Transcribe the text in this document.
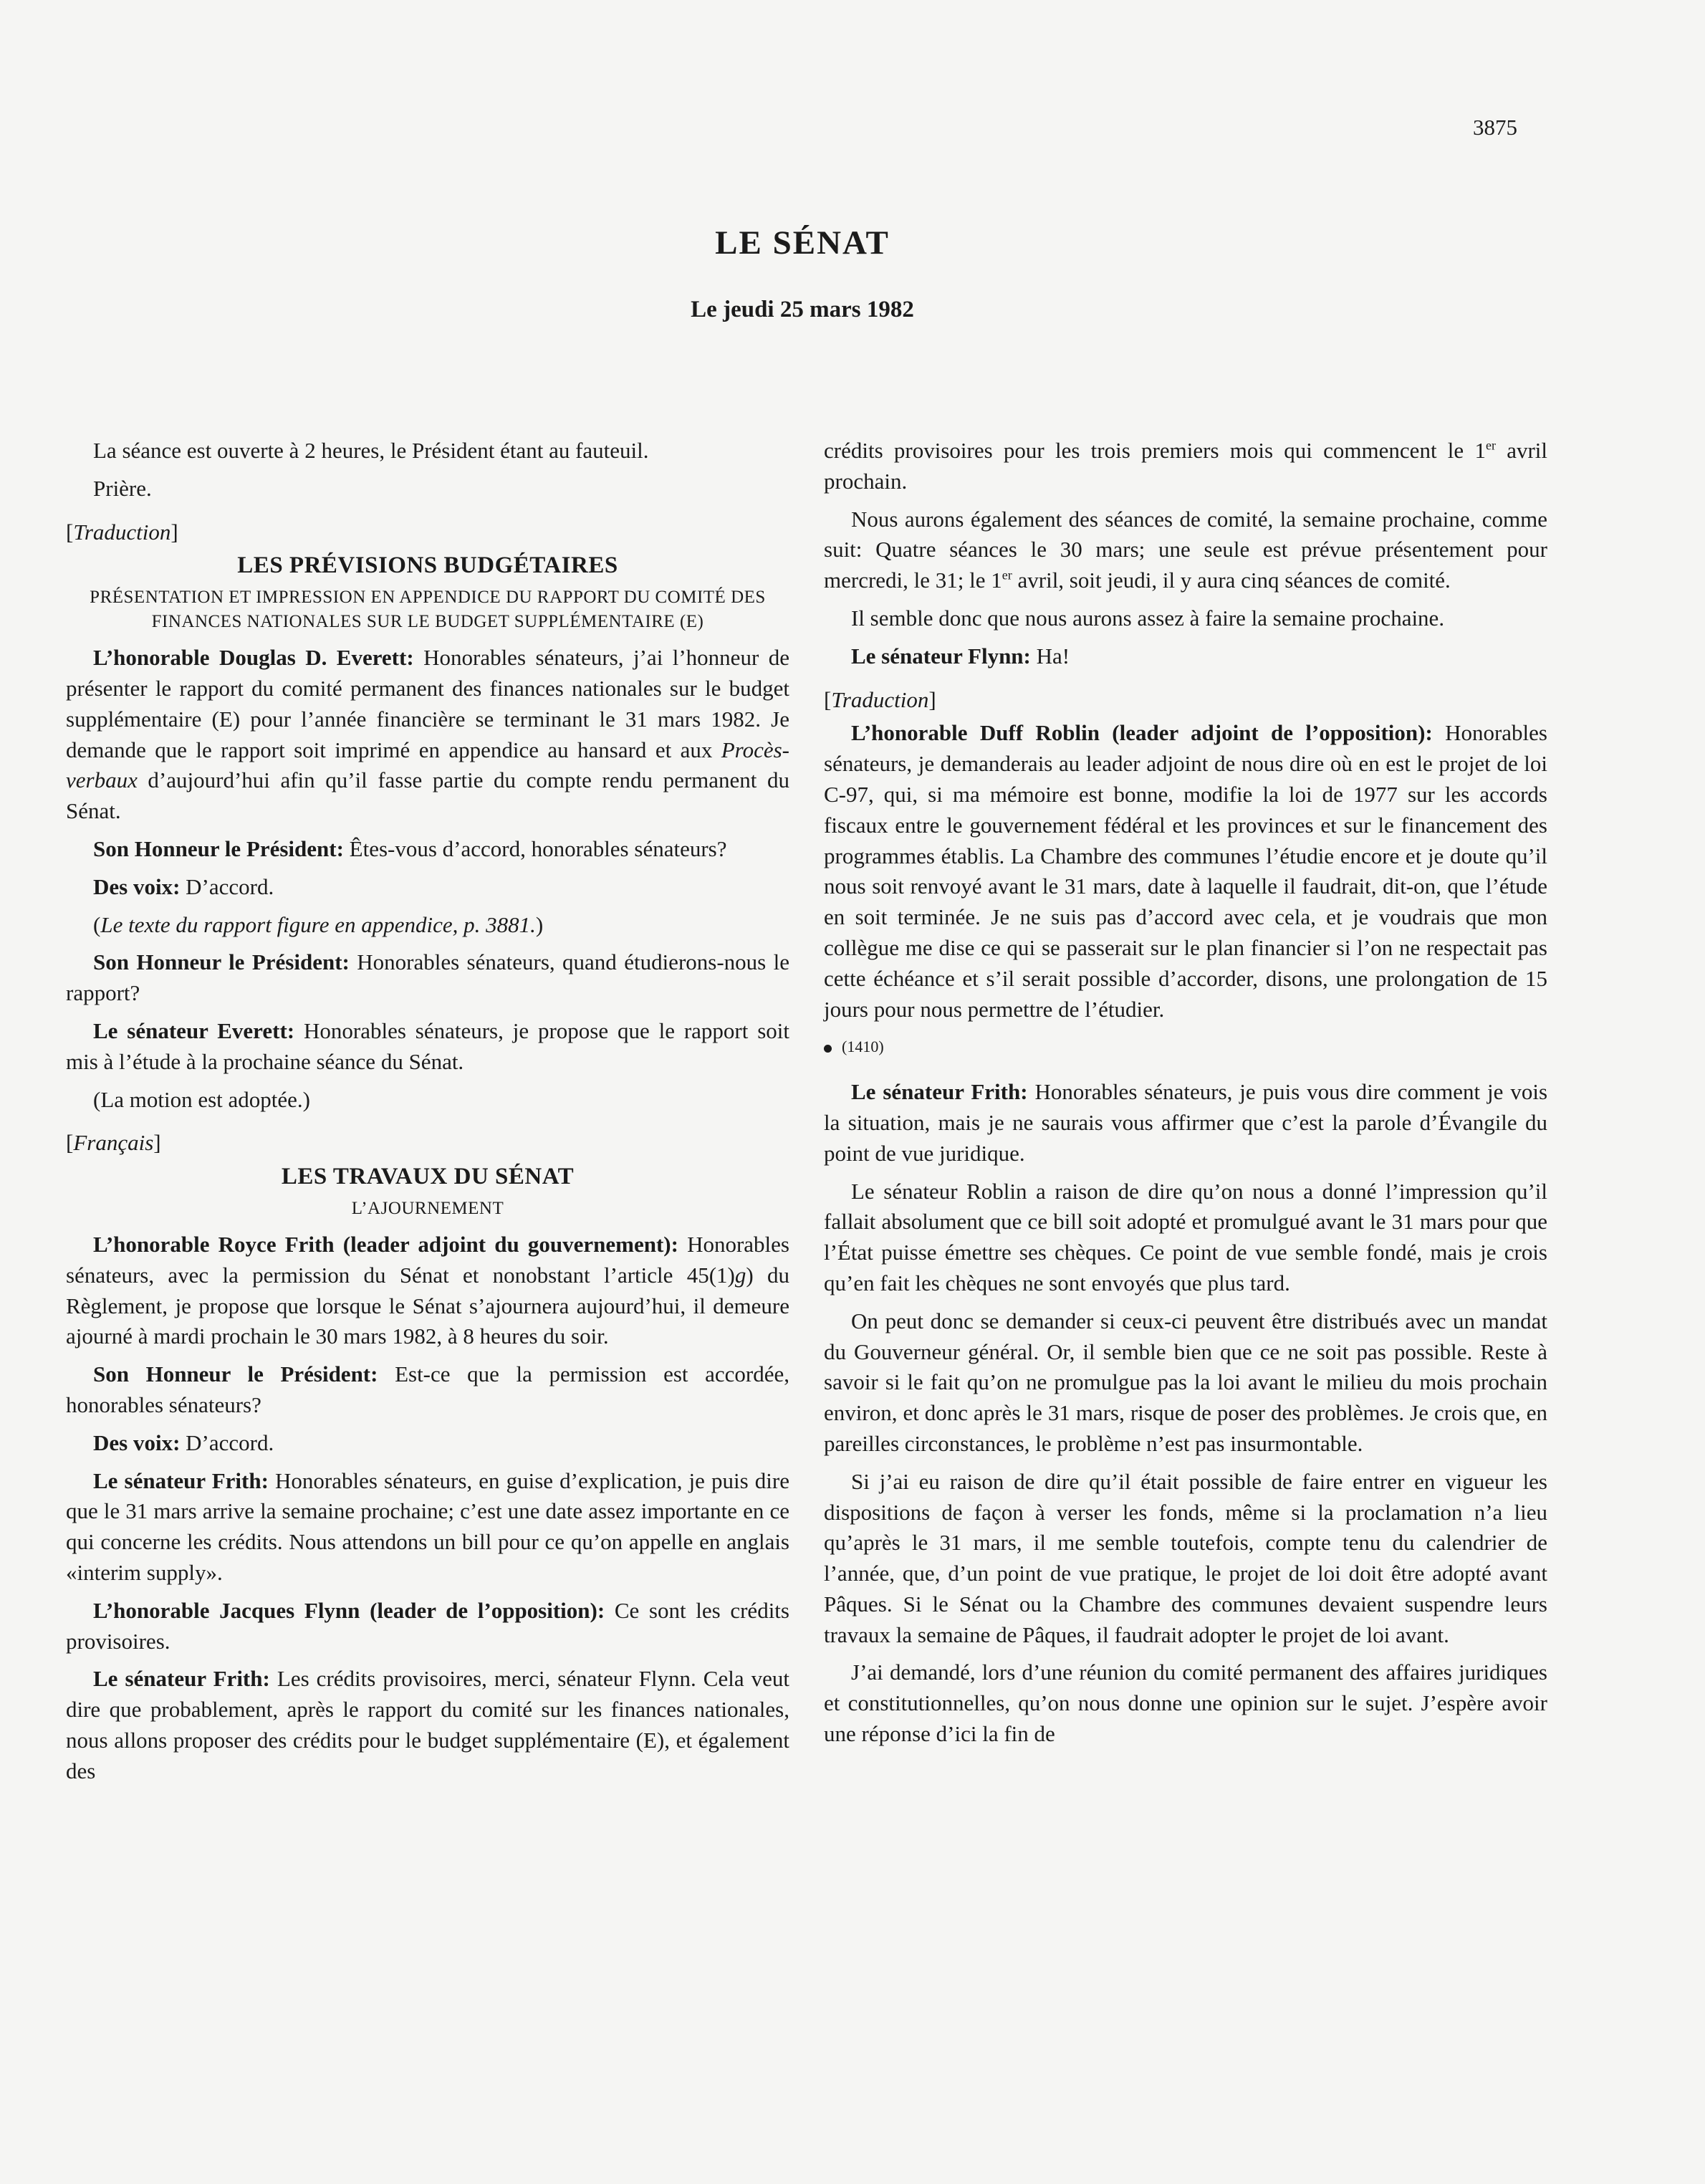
3875
LE SÉNAT
Le jeudi 25 mars 1982

La séance est ouverte à 2 heures, le Président étant au fauteuil.

Prière.

[Traduction]

LES PRÉVISIONS BUDGÉTAIRES
PRÉSENTATION ET IMPRESSION EN APPENDICE DU RAPPORT DU COMITÉ DES FINANCES NATIONALES SUR LE BUDGET SUPPLÉMENTAIRE (E)

L’honorable Douglas D. Everett: Honorables sénateurs, j’ai l’honneur de présenter le rapport du comité permanent des finances nationales sur le budget supplémentaire (E) pour l’année financière se terminant le 31 mars 1982. Je demande que le rapport soit imprimé en appendice au hansard et aux Procès-verbaux d’aujourd’hui afin qu’il fasse partie du compte rendu permanent du Sénat.

Son Honneur le Président: Êtes-vous d’accord, honorables sénateurs?

Des voix: D’accord.

(Le texte du rapport figure en appendice, p. 3881.)

Son Honneur le Président: Honorables sénateurs, quand étudierons-nous le rapport?

Le sénateur Everett: Honorables sénateurs, je propose que le rapport soit mis à l’étude à la prochaine séance du Sénat.

(La motion est adoptée.)

[Français]

LES TRAVAUX DU SÉNAT
L’AJOURNEMENT

L’honorable Royce Frith (leader adjoint du gouvernement): Honorables sénateurs, avec la permission du Sénat et nonobstant l’article 45(1)g) du Règlement, je propose que lorsque le Sénat s’ajournera aujourd’hui, il demeure ajourné à mardi prochain le 30 mars 1982, à 8 heures du soir.

Son Honneur le Président: Est-ce que la permission est accordée, honorables sénateurs?

Des voix: D’accord.

Le sénateur Frith: Honorables sénateurs, en guise d’explication, je puis dire que le 31 mars arrive la semaine prochaine; c’est une date assez importante en ce qui concerne les crédits. Nous attendons un bill pour ce qu’on appelle en anglais «interim supply».

L’honorable Jacques Flynn (leader de l’opposition): Ce sont les crédits provisoires.

Le sénateur Frith: Les crédits provisoires, merci, sénateur Flynn. Cela veut dire que probablement, après le rapport du comité sur les finances nationales, nous allons proposer des crédits pour le budget supplémentaire (E), et également des

crédits provisoires pour les trois premiers mois qui commencent le 1er avril prochain.

Nous aurons également des séances de comité, la semaine prochaine, comme suit: Quatre séances le 30 mars; une seule est prévue présentement pour mercredi, le 31; le 1er avril, soit jeudi, il y aura cinq séances de comité.

Il semble donc que nous aurons assez à faire la semaine prochaine.

Le sénateur Flynn: Ha!

[Traduction]

L’honorable Duff Roblin (leader adjoint de l’opposition): Honorables sénateurs, je demanderais au leader adjoint de nous dire où en est le projet de loi C-97, qui, si ma mémoire est bonne, modifie la loi de 1977 sur les accords fiscaux entre le gouvernement fédéral et les provinces et sur le financement des programmes établis. La Chambre des communes l’étudie encore et je doute qu’il nous soit renvoyé avant le 31 mars, date à laquelle il faudrait, dit-on, que l’étude en soit terminée. Je ne suis pas d’accord avec cela, et je voudrais que mon collègue me dise ce qui se passerait sur le plan financier si l’on ne respectait pas cette échéance et s’il serait possible d’accorder, disons, une prolongation de 15 jours pour nous permettre de l’étudier.

(1410)

Le sénateur Frith: Honorables sénateurs, je puis vous dire comment je vois la situation, mais je ne saurais vous affirmer que c’est la parole d’Évangile du point de vue juridique.

Le sénateur Roblin a raison de dire qu’on nous a donné l’impression qu’il fallait absolument que ce bill soit adopté et promulgué avant le 31 mars pour que l’État puisse émettre ses chèques. Ce point de vue semble fondé, mais je crois qu’en fait les chèques ne sont envoyés que plus tard.

On peut donc se demander si ceux-ci peuvent être distribués avec un mandat du Gouverneur général. Or, il semble bien que ce ne soit pas possible. Reste à savoir si le fait qu’on ne promulgue pas la loi avant le milieu du mois prochain environ, et donc après le 31 mars, risque de poser des problèmes. Je crois que, en pareilles circonstances, le problème n’est pas insurmontable.

Si j’ai eu raison de dire qu’il était possible de faire entrer en vigueur les dispositions de façon à verser les fonds, même si la proclamation n’a lieu qu’après le 31 mars, il me semble toutefois, compte tenu du calendrier de l’année, que, d’un point de vue pratique, le projet de loi doit être adopté avant Pâques. Si le Sénat ou la Chambre des communes devaient suspendre leurs travaux la semaine de Pâques, il faudrait adopter le projet de loi avant.

J’ai demandé, lors d’une réunion du comité permanent des affaires juridiques et constitutionnelles, qu’on nous donne une opinion sur le sujet. J’espère avoir une réponse d’ici la fin de
